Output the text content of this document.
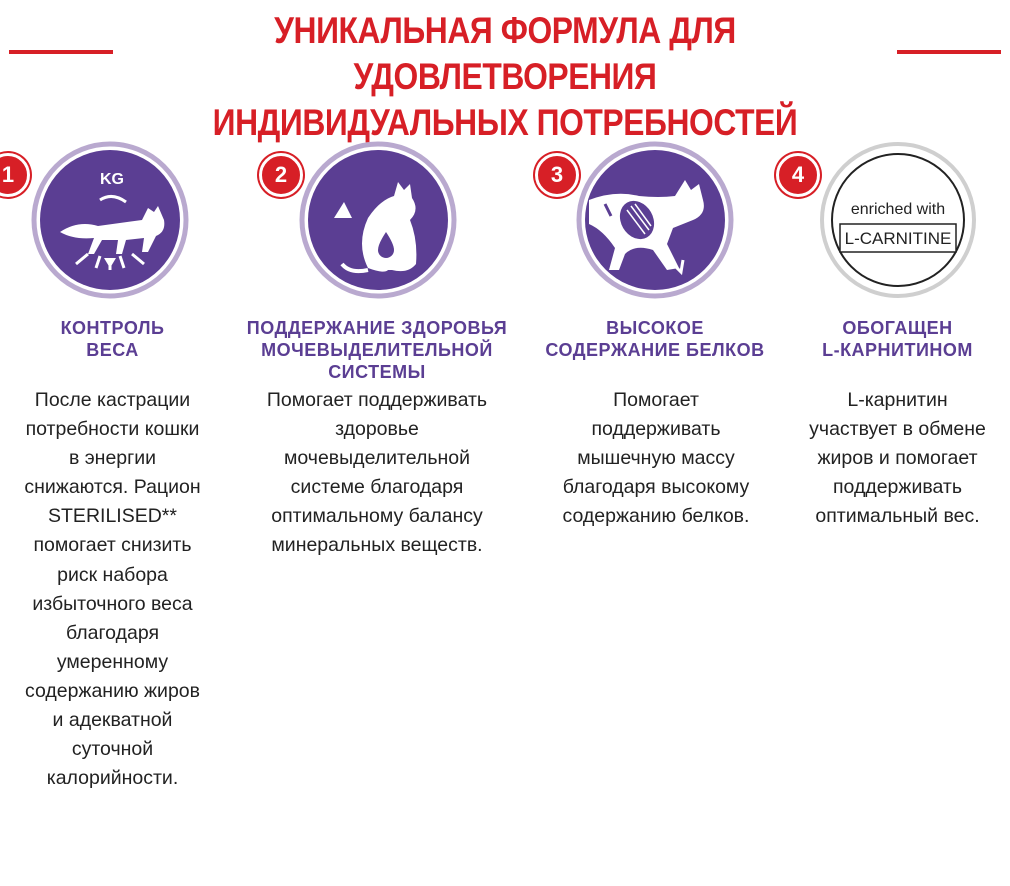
УНИКАЛЬНАЯ ФОРМУЛА ДЛЯ УДОВЛЕТВОРЕНИЯ
ИНДИВИДУАЛЬНЫХ ПОТРЕБНОСТЕЙ
KG
1
КОНТРОЛЬ
ВЕСА
После кастрации
потребности кошки
в энергии
снижаются. Рацион
STERILISED**
помогает снизить
риск набора
избыточного веса
благодаря
умеренному
содержанию жиров
и адекватной
суточной
калорийности.
2
ПОДДЕРЖАНИЕ ЗДОРОВЬЯ
МОЧЕВЫДЕЛИТЕЛЬНОЙ
СИСТЕМЫ
Помогает поддерживать
здоровье
мочевыделительной
системе благодаря
оптимальному балансу
минеральных веществ.
3
ВЫСОКОЕ
СОДЕРЖАНИЕ БЕЛКОВ
Помогает
поддерживать
мышечную массу
благодаря высокому
содержанию белков.
enriched with
L-CARNITINE
4
ОБОГАЩЕН
L-КАРНИТИНОМ
L-карнитин
участвует в обмене
жиров и помогает
поддерживать
оптимальный вес.
